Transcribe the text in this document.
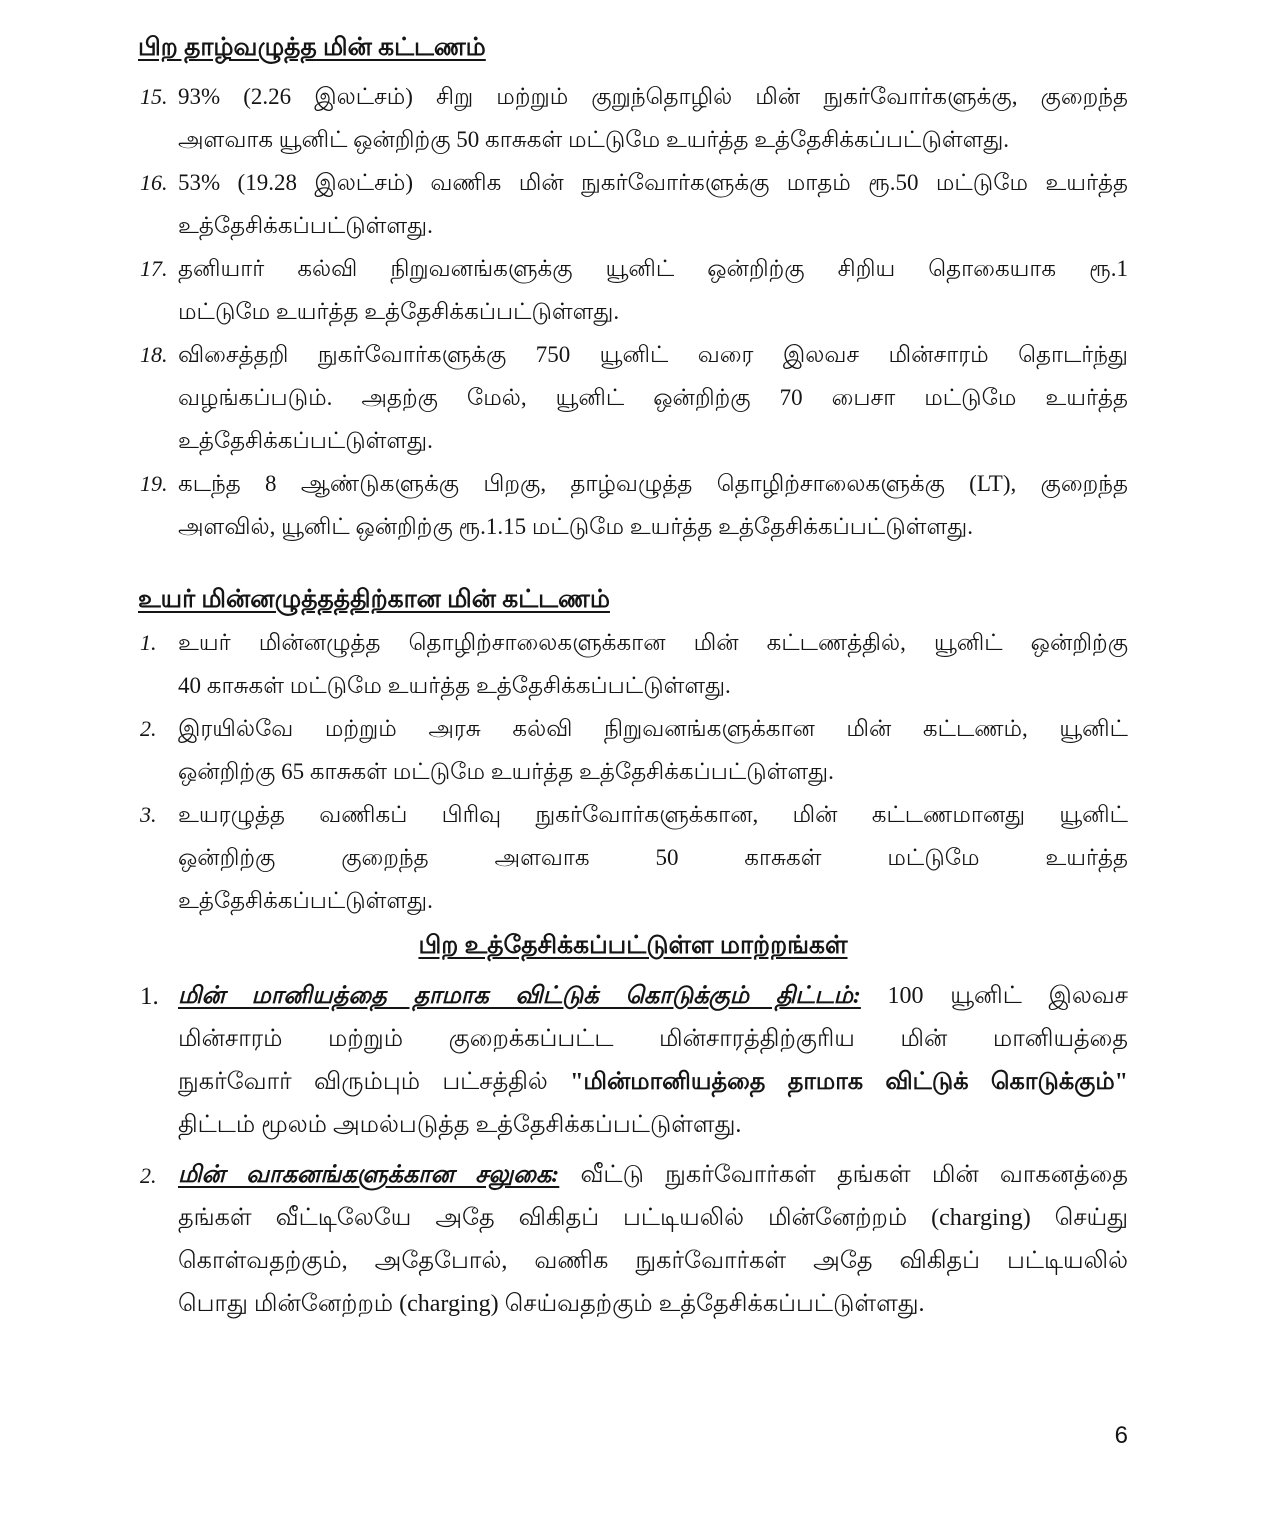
பிற தாழ்வழுத்த மின் கட்டணம்
15. 93% (2.26 இலட்சம்) சிறு மற்றும் குறுந்தொழில் மின் நுகர்வோர்களுக்கு, குறைந்த
அளவாக யூனிட் ஒன்றிற்கு 50 காசுகள் மட்டுமே உயர்த்த உத்தேசிக்கப்பட்டுள்ளது.
16. 53% (19.28 இலட்சம்) வணிக மின் நுகர்வோர்களுக்கு மாதம் ரூ.50 மட்டுமே உயர்த்த
உத்தேசிக்கப்பட்டுள்ளது.
17. தனியார் கல்வி நிறுவனங்களுக்கு யூனிட் ஒன்றிற்கு சிறிய தொகையாக ரூ.1
மட்டுமே உயர்த்த உத்தேசிக்கப்பட்டுள்ளது.
18. விசைத்தறி நுகர்வோர்களுக்கு 750 யூனிட் வரை இலவச மின்சாரம் தொடர்ந்து
வழங்கப்படும். அதற்கு மேல், யூனிட் ஒன்றிற்கு 70 பைசா மட்டுமே உயர்த்த
உத்தேசிக்கப்பட்டுள்ளது.
19. கடந்த 8 ஆண்டுகளுக்கு பிறகு, தாழ்வழுத்த தொழிற்சாலைகளுக்கு (LT), குறைந்த
அளவில், யூனிட் ஒன்றிற்கு ரூ.1.15 மட்டுமே உயர்த்த உத்தேசிக்கப்பட்டுள்ளது.
உயர் மின்னழுத்தத்திற்கான மின் கட்டணம்
1. உயர் மின்னழுத்த தொழிற்சாலைகளுக்கான மின் கட்டணத்தில், யூனிட் ஒன்றிற்கு
40 காசுகள் மட்டுமே உயர்த்த உத்தேசிக்கப்பட்டுள்ளது.
2. இரயில்வே மற்றும் அரசு கல்வி நிறுவனங்களுக்கான மின் கட்டணம், யூனிட்
ஒன்றிற்கு 65 காசுகள் மட்டுமே உயர்த்த உத்தேசிக்கப்பட்டுள்ளது.
3. உயரழுத்த வணிகப் பிரிவு நுகர்வோர்களுக்கான, மின் கட்டணமானது யூனிட்
ஒன்றிற்கு குறைந்த அளவாக 50 காசுகள் மட்டுமே உயர்த்த
உத்தேசிக்கப்பட்டுள்ளது.
பிற உத்தேசிக்கப்பட்டுள்ள மாற்றங்கள்
1. மின் மானியத்தை தாமாக விட்டுக் கொடுக்கும் திட்டம்: 100 யூனிட் இலவச
மின்சாரம் மற்றும் குறைக்கப்பட்ட மின்சாரத்திற்குரிய மின் மானியத்தை
நுகர்வோர் விரும்பும் பட்சத்தில் "மின்மானியத்தை தாமாக விட்டுக் கொடுக்கும்"
திட்டம் மூலம் அமல்படுத்த உத்தேசிக்கப்பட்டுள்ளது.
2. மின் வாகனங்களுக்கான சலுகை: வீட்டு நுகர்வோர்கள் தங்கள் மின் வாகனத்தை
தங்கள் வீட்டிலேயே அதே விகிதப் பட்டியலில் மின்னேற்றம் (charging) செய்து
கொள்வதற்கும், அதேபோல், வணிக நுகர்வோர்கள் அதே விகிதப் பட்டியலில்
பொது மின்னேற்றம் (charging) செய்வதற்கும் உத்தேசிக்கப்பட்டுள்ளது.
6
